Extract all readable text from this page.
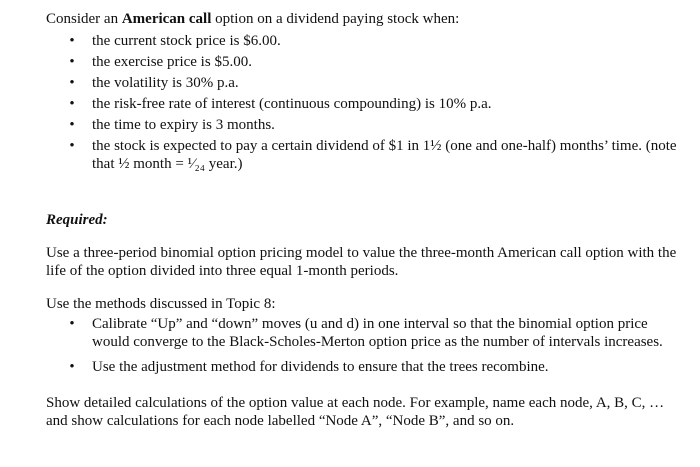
Consider an American call option on a dividend paying stock when:

• the current stock price is $6.00.
• the exercise price is $5.00.
• the volatility is 30% p.a.
• the risk-free rate of interest (continuous compounding) is 10% p.a.
• the time to expiry is 3 months.
• the stock is expected to pay a certain dividend of $1 in 1½ (one and one-half) months’ time. (note that ½ month = ¹⁄₂₄ year.)

Required:

Use a three-period binomial option pricing model to value the three-month American call option with the life of the option divided into three equal 1-month periods.

Use the methods discussed in Topic 8:

• Calibrate “Up” and “down” moves (u and d) in one interval so that the binomial option price would converge to the Black-Scholes-Merton option price as the number of intervals increases.
• Use the adjustment method for dividends to ensure that the trees recombine.

Show detailed calculations of the option value at each node. For example, name each node, A, B, C, … and show calculations for each node labelled “Node A”, “Node B”, and so on.
